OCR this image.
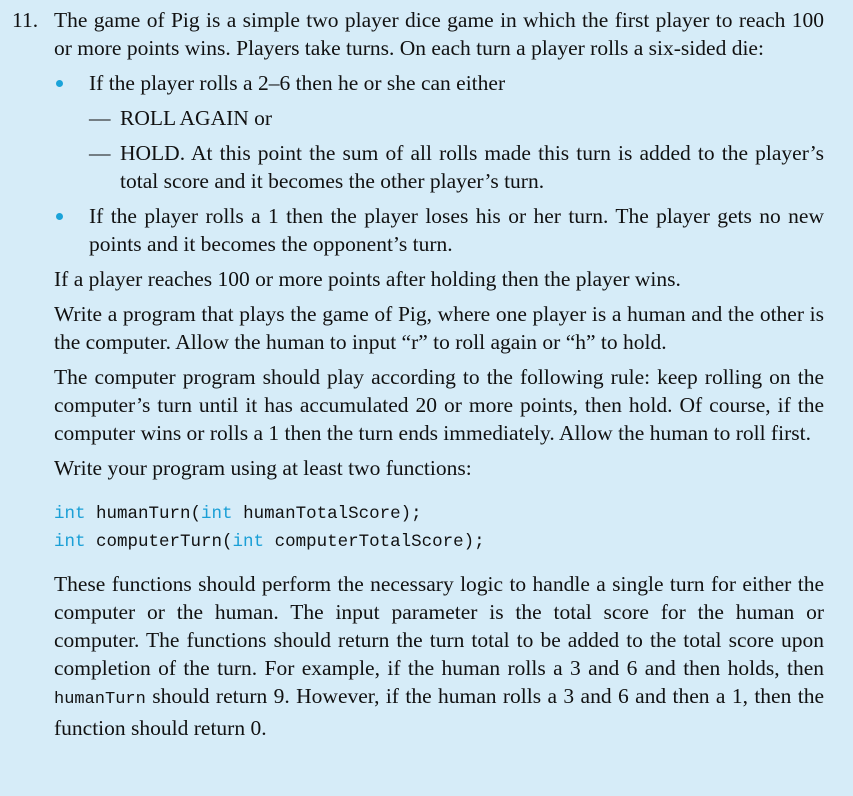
11. The game of Pig is a simple two player dice game in which the first player to reach 100 or more points wins. Players take turns. On each turn a player rolls a six-sided die:

If the player rolls a 2–6 then he or she can either
— ROLL AGAIN or
— HOLD. At this point the sum of all rolls made this turn is added to the player’s total score and it becomes the other player’s turn.
If the player rolls a 1 then the player loses his or her turn. The player gets no new points and it becomes the opponent’s turn.

If a player reaches 100 or more points after holding then the player wins.

Write a program that plays the game of Pig, where one player is a human and the other is the computer. Allow the human to input “r” to roll again or “h” to hold.

The computer program should play according to the following rule: keep rolling on the computer’s turn until it has accumulated 20 or more points, then hold. Of course, if the computer wins or rolls a 1 then the turn ends immediately. Allow the human to roll first.

Write your program using at least two functions:

int humanTurn(int humanTotalScore);
int computerTurn(int computerTotalScore);

These functions should perform the necessary logic to handle a single turn for either the computer or the human. The input parameter is the total score for the human or computer. The functions should return the turn total to be added to the total score upon completion of the turn. For example, if the human rolls a 3 and 6 and then holds, then humanTurn should return 9. However, if the human rolls a 3 and 6 and then a 1, then the function should return 0.
